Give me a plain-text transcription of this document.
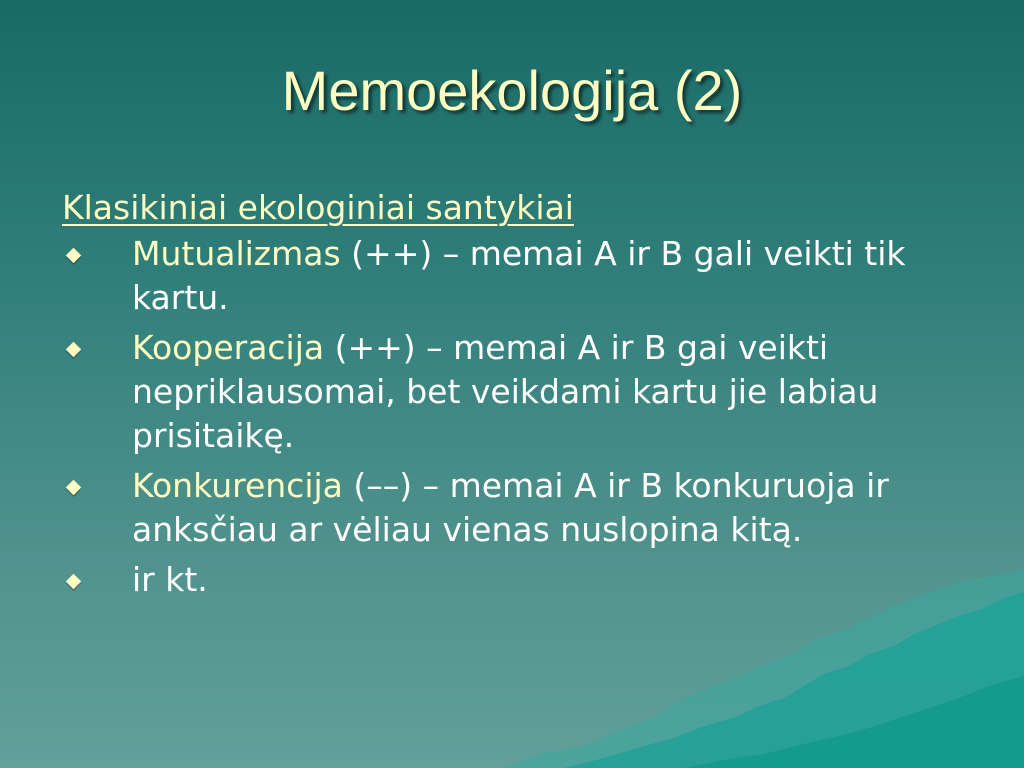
Memoekologija (2)
Klasikiniai ekologiniai santykiai
Mutualizmas (++) – memai A ir B gali veikti tik kartu.
Kooperacija (++) – memai A ir B gai veikti nepriklausomai, bet veikdami kartu jie labiau prisitaikę.
Konkurencija (––) – memai A ir B konkuruoja ir anksčiau ar vėliau vienas nuslopina kitą.
ir kt.
